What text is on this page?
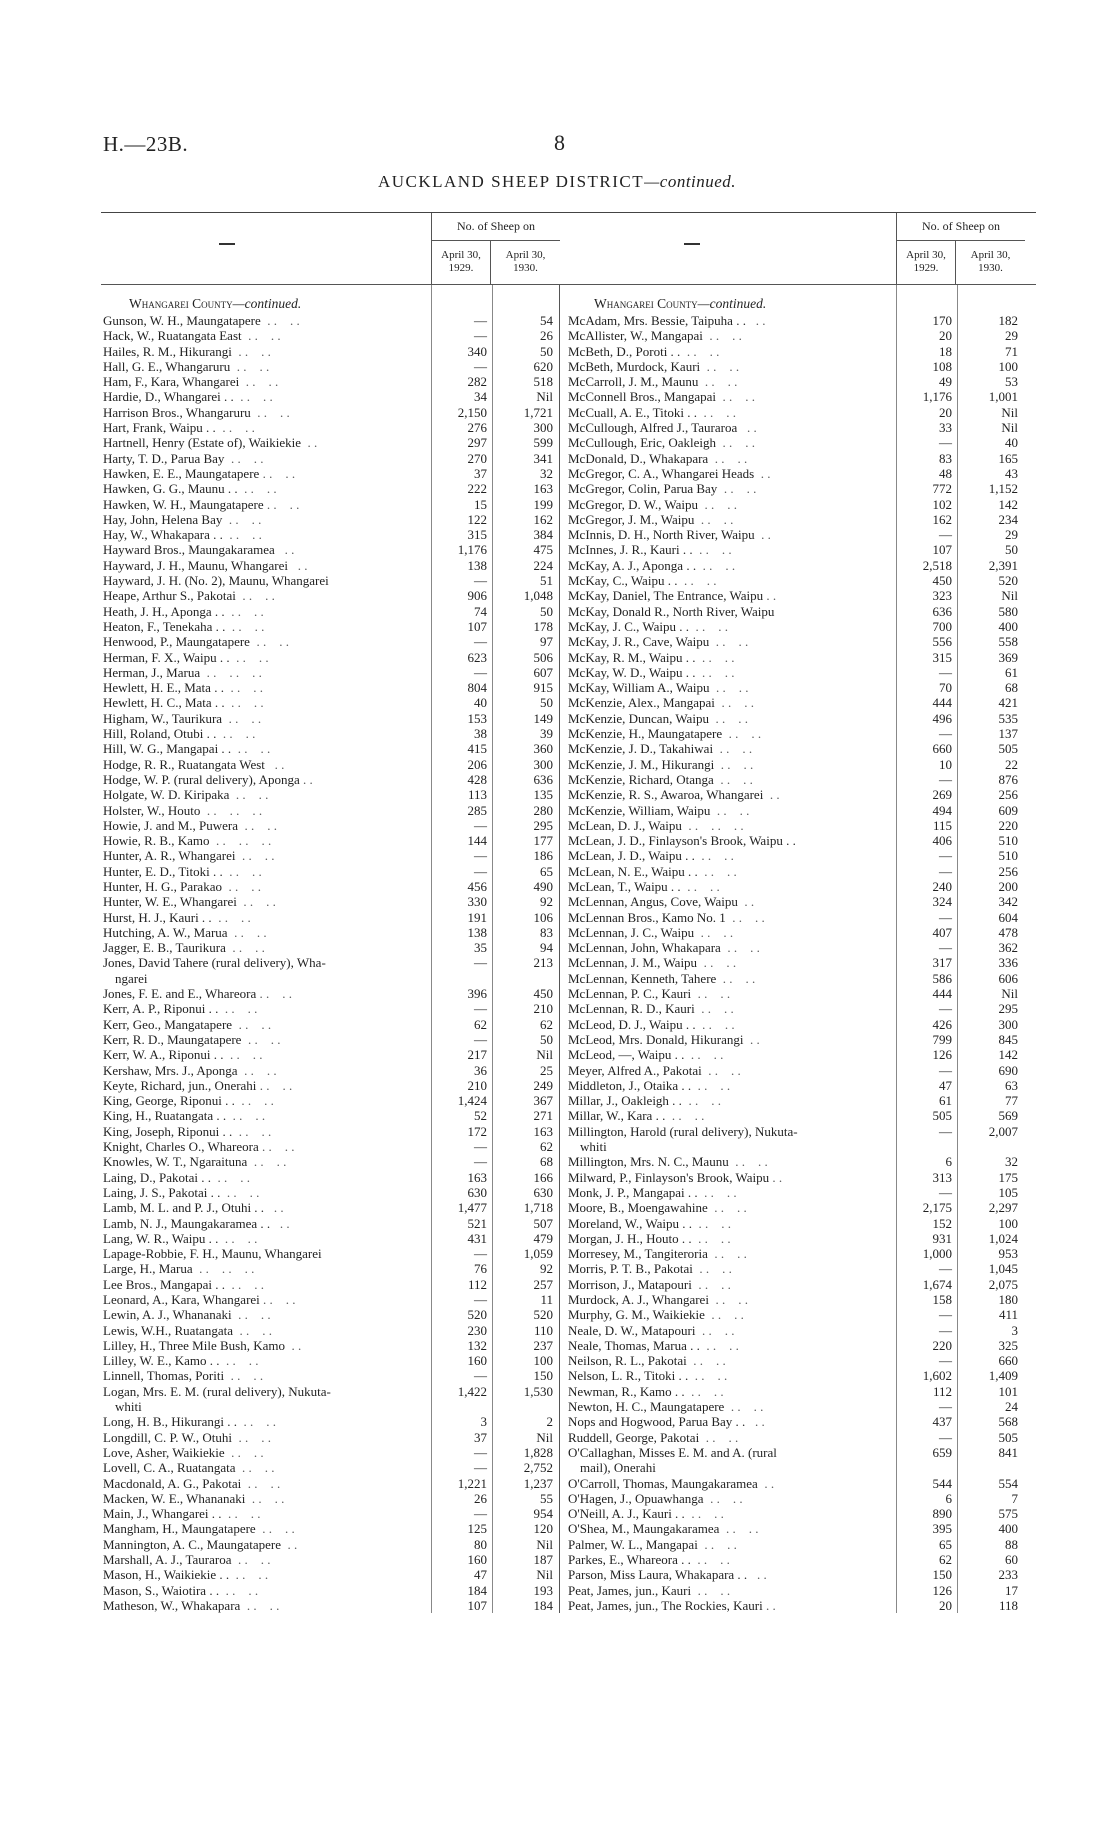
H.—23B.	8
AUCKLAND SHEEP DISTRICT—continued.
No. of Sheep on
April 30, 1929.
April 30, 1930.
Whangarei County—continued.
Gunson, W. H., Maungatapere  . .    . .	—	54
Hack, W., Ruatangata East  . .    . .	—	26
Hailes, R. M., Hikurangi  . .    . .	340	50
Hall, G. E., Whangaruru  . .    . .	—	620
Ham, F., Kara, Whangarei  . .    . .	282	518
Hardie, D., Whangarei . .  . .    . .	34	Nil
Harrison Bros., Whangaruru  . .    . .	2,150	1,721
Hart, Frank, Waipu . .  . .    . .	276	300
Hartnell, Henry (Estate of), Waikiekie  . .	297	599
Harty, T. D., Parua Bay  . .    . .	270	341
Hawken, E. E., Maungatapere . .    . .	37	32
Hawken, G. G., Maunu . .  . .    . .	222	163
Hawken, W. H., Maungatapere . .    . .	15	199
Hay, John, Helena Bay  . .    . .	122	162
Hay, W., Whakapara . .  . .    . .	315	384
Hayward Bros., Maungakaramea   . .	1,176	475
Hayward, J. H., Maunu, Whangarei   . .	138	224
Hayward, J. H. (No. 2), Maunu, Whangarei	—	51
Heape, Arthur S., Pakotai  . .    . .	906	1,048
Heath, J. H., Aponga . .  . .    . .	74	50
Heaton, F., Tenekaha . .  . .    . .	107	178
Henwood, P., Maungatapere  . .    . .	—	97
Herman, F. X., Waipu . .  . .    . .	623	506
Herman, J., Marua  . .    . .    . .	—	607
Hewlett, H. E., Mata . .  . .    . .	804	915
Hewlett, H. C., Mata . .  . .    . .	40	50
Higham, W., Taurikura  . .    . .	153	149
Hill, Roland, Otubi . .  . .    . .	38	39
Hill, W. G., Mangapai . .  . .    . .	415	360
Hodge, R. R., Ruatangata West   . .	206	300
Hodge, W. P. (rural delivery), Aponga . .	428	636
Holgate, W. D. Kiripaka  . .    . .	113	135
Holster, W., Houto  . .    . .    . .	285	280
Howie, J. and M., Puwera  . .    . .	—	295
Howie, R. B., Kamo  . .    . .    . .	144	177
Hunter, A. R., Whangarei  . .    . .	—	186
Hunter, E. D., Titoki . .  . .    . .	—	65
Hunter, H. G., Parakao  . .    . .	456	490
Hunter, W. E., Whangarei  . .    . .	330	92
Hurst, H. J., Kauri . .  . .    . .	191	106
Hutching, A. W., Marua  . .    . .	138	83
Jagger, E. B., Taurikura  . .    . .	35	94
Jones, David Tahere (rural delivery), Wha-	—	213
ngarei
Jones, F. E. and E., Whareora . .    . .	396	450
Kerr, A. P., Riponui . .  . .    . .	—	210
Kerr, Geo., Mangatapere  . .    . .	62	62
Kerr, R. D., Maungatapere  . .    . .	—	50
Kerr, W. A., Riponui . .  . .    . .	217	Nil
Kershaw, Mrs. J., Aponga  . .    . .	36	25
Keyte, Richard, jun., Onerahi . .    . .	210	249
King, George, Riponui . .  . .    . .	1,424	367
King, H., Ruatangata . .  . .    . .	52	271
King, Joseph, Riponui . .  . .    . .	172	163
Knight, Charles O., Whareora . .    . .	—	62
Knowles, W. T., Ngaraituna  . .    . .	—	68
Laing, D., Pakotai . .  . .    . .	163	166
Laing, J. S., Pakotai . .  . .    . .	630	630
Lamb, M. L. and P. J., Otuhi . .   . .	1,477	1,718
Lamb, N. J., Maungakaramea . .   . .	521	507
Lang, W. R., Waipu . .  . .    . .	431	479
Lapage-Robbie, F. H., Maunu, Whangarei	—	1,059
Large, H., Marua  . .    . .    . .	76	92
Lee Bros., Mangapai . .  . .    . .	112	257
Leonard, A., Kara, Whangarei . .    . .	—	11
Lewin, A. J., Whananaki  . .    . .	520	520
Lewis, W.H., Ruatangata  . .    . .	230	110
Lilley, H., Three Mile Bush, Kamo  . .	132	237
Lilley, W. E., Kamo . .  . .    . .	160	100
Linnell, Thomas, Poriti  . .    . .	—	150
Logan, Mrs. E. M. (rural delivery), Nukuta-	1,422	1,530
whiti
Long, H. B., Hikurangi . .  . .    . .	3	2
Longdill, C. P. W., Otuhi  . .    . .	37	Nil
Love, Asher, Waikiekie  . .    . .	—	1,828
Lovell, C. A., Ruatangata  . .    . .	—	2,752
Macdonald, A. G., Pakotai  . .    . .	1,221	1,237
Macken, W. E., Whananaki  . .    . .	26	55
Main, J., Whangarei . .  . .    . .	—	954
Mangham, H., Maungatapere  . .    . .	125	120
Mannington, A. C., Maungatapere  . .	80	Nil
Marshall, A. J., Tauraroa  . .    . .	160	187
Mason, H., Waikiekie . .  . .    . .	47	Nil
Mason, S., Waiotira . .  . .    . .	184	193
Matheson, W., Whakapara  . .    . .	107	184
No. of Sheep on
April 30, 1929.
April 30, 1930.
Whangarei County—continued.
McAdam, Mrs. Bessie, Taipuha . .   . .	170	182
McAllister, W., Mangapai  . .    . .	20	29
McBeth, D., Poroti . .  . .    . .	18	71
McBeth, Murdock, Kauri  . .    . .	108	100
McCarroll, J. M., Maunu  . .    . .	49	53
McConnell Bros., Mangapai  . .    . .	1,176	1,001
McCuall, A. E., Titoki . .  . .    . .	20	Nil
McCullough, Alfred J., Tauraroa   . .	33	Nil
McCullough, Eric, Oakleigh  . .    . .	—	40
McDonald, D., Whakapara  . .    . .	83	165
McGregor, C. A., Whangarei Heads  . .	48	43
McGregor, Colin, Parua Bay  . .    . .	772	1,152
McGregor, D. W., Waipu  . .    . .	102	142
McGregor, J. M., Waipu  . .    . .	162	234
McInnis, D. H., North River, Waipu  . .	—	29
McInnes, J. R., Kauri . .  . .    . .	107	50
McKay, A. J., Aponga . .  . .    . .	2,518	2,391
McKay, C., Waipu . .  . .    . .	450	520
McKay, Daniel, The Entrance, Waipu . .	323	Nil
McKay, Donald R., North River, Waipu	636	580
McKay, J. C., Waipu . .  . .    . .	700	400
McKay, J. R., Cave, Waipu  . .    . .	556	558
McKay, R. M., Waipu . .  . .    . .	315	369
McKay, W. D., Waipu . .  . .    . .	—	61
McKay, William A., Waipu  . .    . .	70	68
McKenzie, Alex., Mangapai  . .    . .	444	421
McKenzie, Duncan, Waipu  . .    . .	496	535
McKenzie, H., Maungatapere  . .    . .	—	137
McKenzie, J. D., Takahiwai  . .    . .	660	505
McKenzie, J. M., Hikurangi  . .    . .	10	22
McKenzie, Richard, Otanga  . .    . .	—	876
McKenzie, R. S., Awaroa, Whangarei  . .	269	256
McKenzie, William, Waipu  . .    . .	494	609
McLean, D. J., Waipu  . .    . .    . .	115	220
McLean, J. D., Finlayson's Brook, Waipu . .	406	510
McLean, J. D., Waipu . .  . .    . .	—	510
McLean, N. E., Waipu . .  . .    . .	—	256
McLean, T., Waipu . .  . .    . .	240	200
McLennan, Angus, Cove, Waipu  . .	324	342
McLennan Bros., Kamo No. 1  . .    . .	—	604
McLennan, J. C., Waipu  . .    . .	407	478
McLennan, John, Whakapara  . .    . .	—	362
McLennan, J. M., Waipu  . .    . .	317	336
McLennan, Kenneth, Tahere  . .    . .	586	606
McLennan, P. C., Kauri  . .    . .	444	Nil
McLennan, R. D., Kauri  . .    . .	—	295
McLeod, D. J., Waipu . .  . .    . .	426	300
McLeod, Mrs. Donald, Hikurangi  . .	799	845
McLeod, —, Waipu . .  . .    . .	126	142
Meyer, Alfred A., Pakotai  . .    . .	—	690
Middleton, J., Otaika . .  . .    . .	47	63
Millar, J., Oakleigh . .  . .    . .	61	77
Millar, W., Kara . .  . .    . .	505	569
Millington, Harold (rural delivery), Nukuta-	—	2,007
whiti
Millington, Mrs. N. C., Maunu  . .    . .	6	32
Milward, P., Finlayson's Brook, Waipu . .	313	175
Monk, J. P., Mangapai . .  . .    . .	—	105
Moore, B., Moengawahine  . .    . .	2,175	2,297
Moreland, W., Waipu . .  . .    . .	152	100
Morgan, J. H., Houto . .  . .    . .	931	1,024
Morresey, M., Tangiteroria  . .    . .	1,000	953
Morris, P. T. B., Pakotai  . .    . .	—	1,045
Morrison, J., Matapouri  . .    . .	1,674	2,075
Murdock, A. J., Whangarei  . .    . .	158	180
Murphy, G. M., Waikiekie  . .    . .	—	411
Neale, D. W., Matapouri  . .    . .	—	3
Neale, Thomas, Marua . .  . .    . .	220	325
Neilson, R. L., Pakotai  . .    . .	—	660
Nelson, L. R., Titoki . .  . .    . .	1,602	1,409
Newman, R., Kamo . .  . .    . .	112	101
Newton, H. C., Maungatapere  . .    . .	—	24
Nops and Hogwood, Parua Bay . .   . .	437	568
Ruddell, George, Pakotai  . .    . .	—	505
O'Callaghan, Misses E. M. and A. (rural	659	841
mail), Onerahi
O'Carroll, Thomas, Maungakaramea  . .	544	554
O'Hagen, J., Opuawhanga  . .    . .	6	7
O'Neill, A. J., Kauri . .  . .    . .	890	575
O'Shea, M., Maungakaramea  . .    . .	395	400
Palmer, W. L., Mangapai  . .    . .	65	88
Parkes, E., Whareora . .  . .    . .	62	60
Parson, Miss Laura, Whakapara . .   . .	150	233
Peat, James, jun., Kauri  . .    . .	126	17
Peat, James, jun., The Rockies, Kauri . .	20	118
